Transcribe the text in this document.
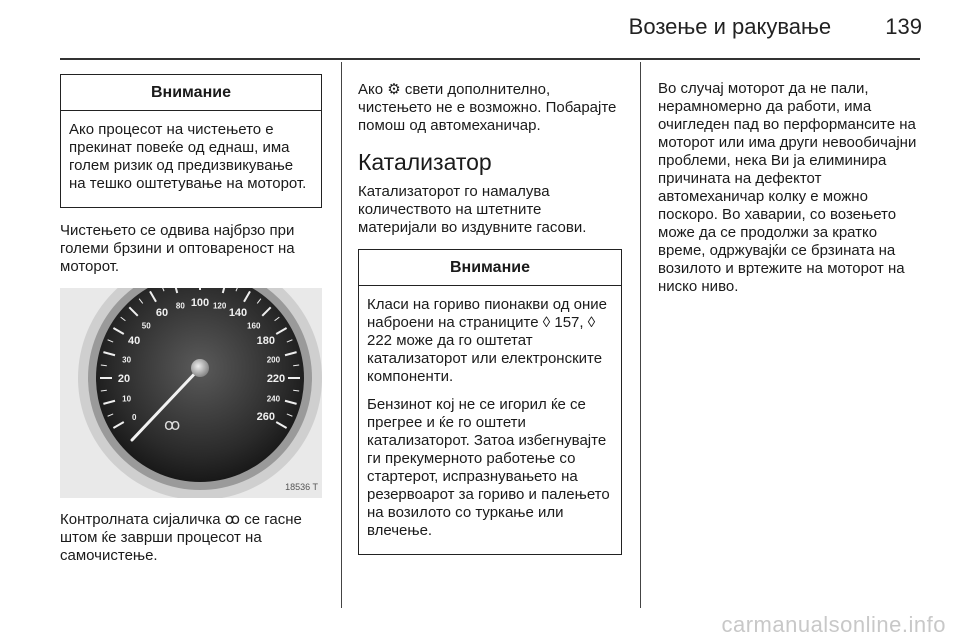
Возење и ракување 139
Внимание

Ако процесот на чистењето е прекинат повеќе од еднаш, има голем ризик од предизвикување на тешко оштетување на моторот.

Чистењето се одвива најбрзо при големи брзини и оптовареност на моторот.

0
10
20
30
40
50
60
80 100 120
140
160
180
200
220
240
260
ꝏ
18536 T

Контролната сијаличка ꝏ се гасне штом ќе заврши процесот на самочистење.

Ако ⚙ свети дополнително, чистењето не е возможно. Побарајте помош од автомеханичар.

Катализатор

Катализаторот го намалува количеството на штетните материјали во издувните гасови.

Внимание

Класи на гориво пионакви од оние наброени на страниците ◊ 157, ◊ 222 може да го оштетат катализаторот или електронските компоненти.

Бензинот кој не се игорил ќе се прегрее и ќе го оштети катализаторот. Затоа избегнувајте ги прекумерното работење со стартерот, испразнувањето на резервоарот за гориво и палењето на возилото со туркање или влечење.

Во случај моторот да не пали, нерамномерно да работи, има очигледен пад во перформансите на моторот или има други невообичајни проблеми, нека Ви ја елиминира причината на дефектот автомеханичар колку е можно поскоро. Во хаварии, со возењето може да се продолжи за кратко време, одржувајќи се брзината на возилото и вртежите на моторот на ниско ниво.

carmanualsonline.info
